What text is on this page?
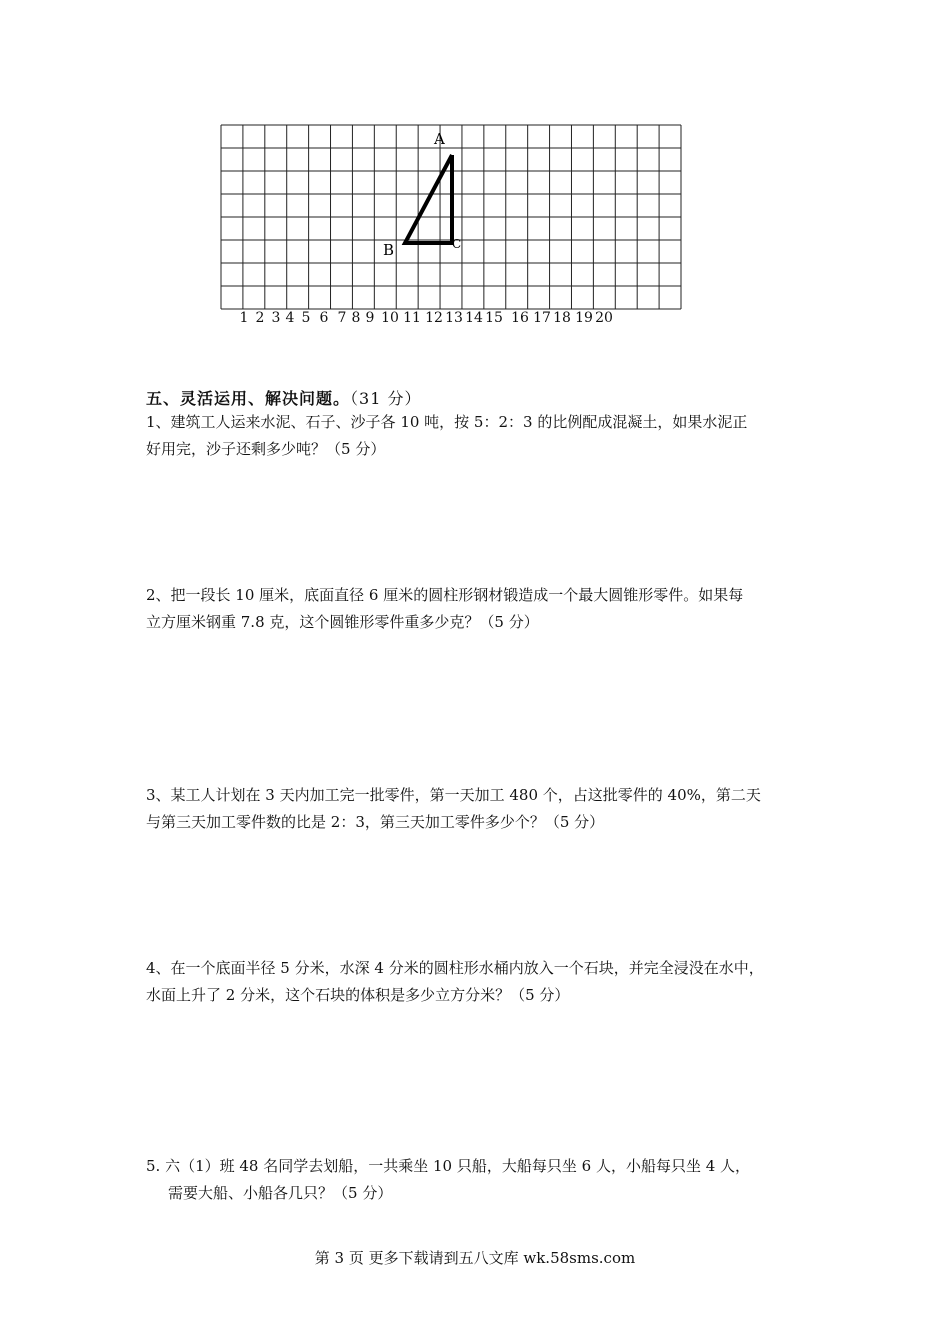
A
B	C
1 2 3 4 5 6 7 8 9 10 11 12 13 14 15 16 17 18 19 20
五、灵活运用、解决问题。（31 分）

1、建筑工人运来水泥、石子、沙子各 10 吨，按 5：2：3 的比例配成混凝土，如果水泥正

好用完，沙子还剩多少吨？（5 分）

2、把一段长 10 厘米，底面直径 6 厘米的圆柱形钢材锻造成一个最大圆锥形零件。如果每

立方厘米钢重 7.8 克，这个圆锥形零件重多少克？（5 分）

3、某工人计划在 3 天内加工完一批零件，第一天加工 480 个，占这批零件的 40%，第二天

与第三天加工零件数的比是 2：3，第三天加工零件多少个？（5 分）

4、在一个底面半径 5 分米，水深 4 分米的圆柱形水桶内放入一个石块，并完全浸没在水中，

水面上升了 2 分米，这个石块的体积是多少立方分米？（5 分）

5. 六（1）班 48 名同学去划船，一共乘坐 10 只船，大船每只坐 6 人，小船每只坐 4 人，

需要大船、小船各几只？（5 分）

第 3 页 更多下载请到五八文库 wk.58sms.com
